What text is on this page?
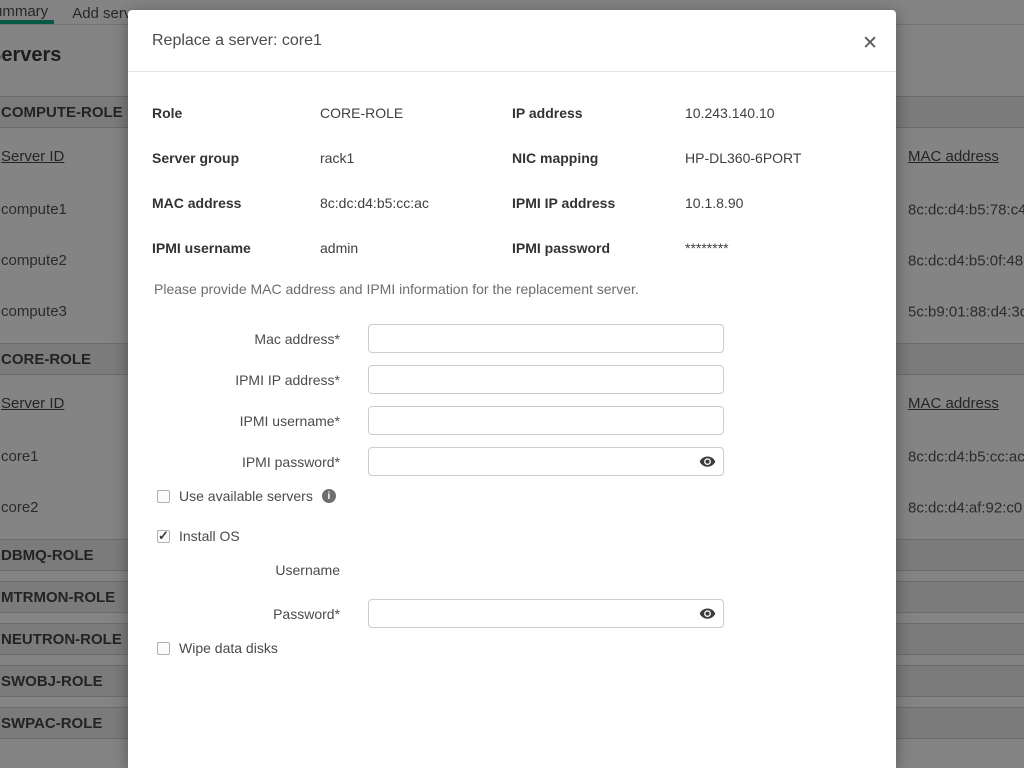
Replace a server: core1	✕
Role	CORE-ROLE	IP address	10.243.140.10
Server group	rack1	NIC mapping	HP-DL360-6PORT
MAC address	8c:dc:d4:b5:cc:ac	IPMI IP address	10.1.8.90
IPMI username	admin	IPMI password	********
Please provide MAC address and IPMI information for the replacement server.
Mac address*
IPMI IP address*
IPMI username*
IPMI password*
Use available servers	i
✓
Install OS
Username
Password*
Wipe data disks
